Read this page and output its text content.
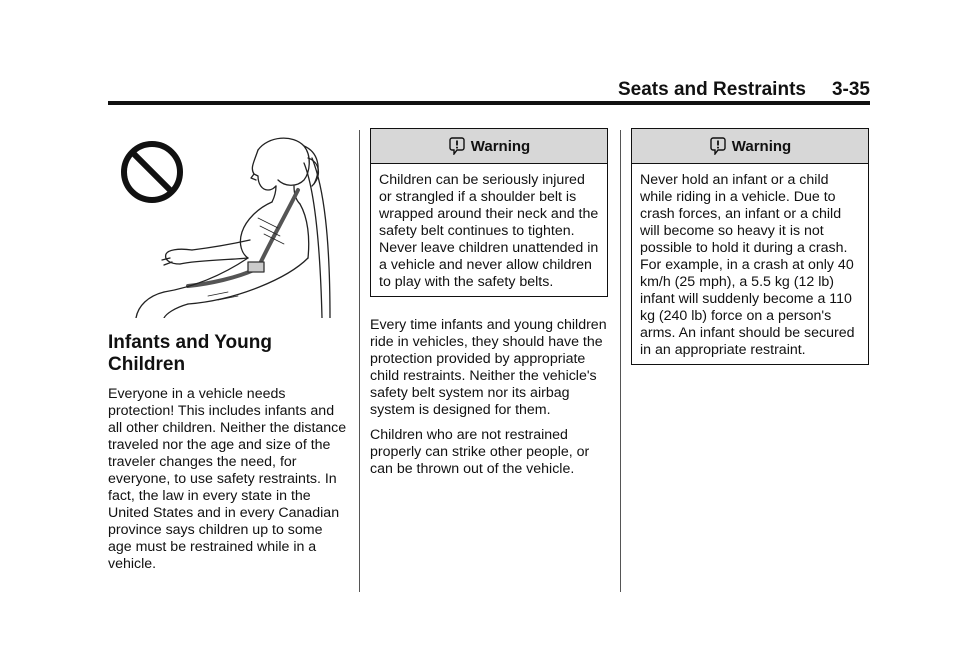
Seats and Restraints 3-35
Infants and Young Children

Everyone in a vehicle needs protection! This includes infants and all other children. Neither the distance traveled nor the age and size of the traveler changes the need, for everyone, to use safety restraints. In fact, the law in every state in the United States and in every Canadian province says children up to some age must be restrained while in a vehicle.

Warning

Children can be seriously injured or strangled if a shoulder belt is wrapped around their neck and the safety belt continues to tighten. Never leave children unattended in a vehicle and never allow children to play with the safety belts.

Every time infants and young children ride in vehicles, they should have the protection provided by appropriate child restraints. Neither the vehicle's safety belt system nor its airbag system is designed for them.

Children who are not restrained properly can strike other people, or can be thrown out of the vehicle.

Warning

Never hold an infant or a child while riding in a vehicle. Due to crash forces, an infant or a child will become so heavy it is not possible to hold it during a crash. For example, in a crash at only 40 km/h (25 mph), a 5.5 kg (12 lb) infant will suddenly become a 110 kg (240 lb) force on a person's arms. An infant should be secured in an appropriate restraint.
